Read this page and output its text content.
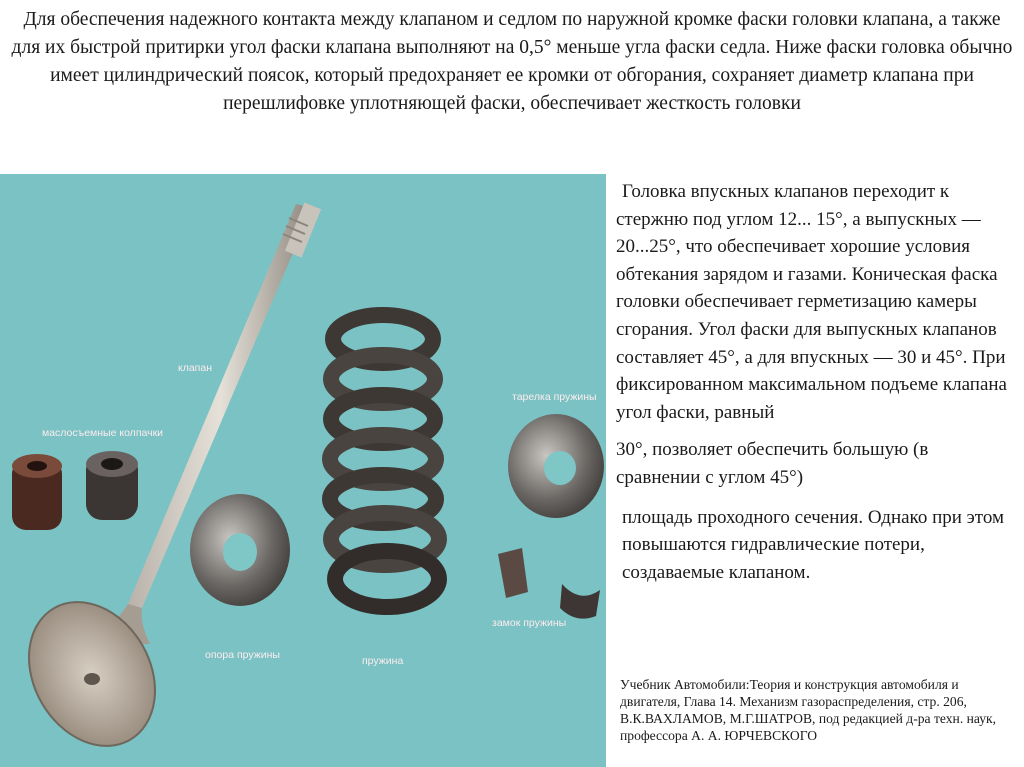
Для обеспечения надежного контакта между клапаном и седлом по наружной кромке фаски головки клапана, а также для их быстрой притирки угол фаски клапана выполняют на 0,5° меньше угла фаски седла. Ниже фаски головка обычно имеет цилиндрический поясок, который предохраняет ее кромки от обгорания, сохраняет диаметр клапана при перешлифовке уплотняющей фаски, обеспечивает жесткость головки
клапан
маслосъемные колпачки
опора пружины	пружина
тарелка пружины
замок пружины

Головка впускных клапанов переходит к стержню под углом 12... 15°, а выпускных — 20...25°, что обеспечивает хорошие условия обтекания зарядом и газами. Коническая фаска головки обеспечивает герметизацию камеры сгорания. Угол фаски для выпускных клапанов составляет 45°, а для впускных — 30 и 45°. При фиксированном максимальном подъеме клапана угол фаски, равный

30°, позволяет обеспечить большую (в сравнении с углом 45°)

площадь проходного сечения. Однако при этом повышаются гидравлические потери, создаваемые клапаном.

Учебник Автомобили:Теория и конструкция автомобиля и двигателя, Глава 14. Механизм газораспределения, стр. 206, В.К.ВАХЛАМОВ, М.Г.ШАТРОВ, под редакцией д-ра техн. наук, профессора А. А. ЮРЧЕВСКОГО
